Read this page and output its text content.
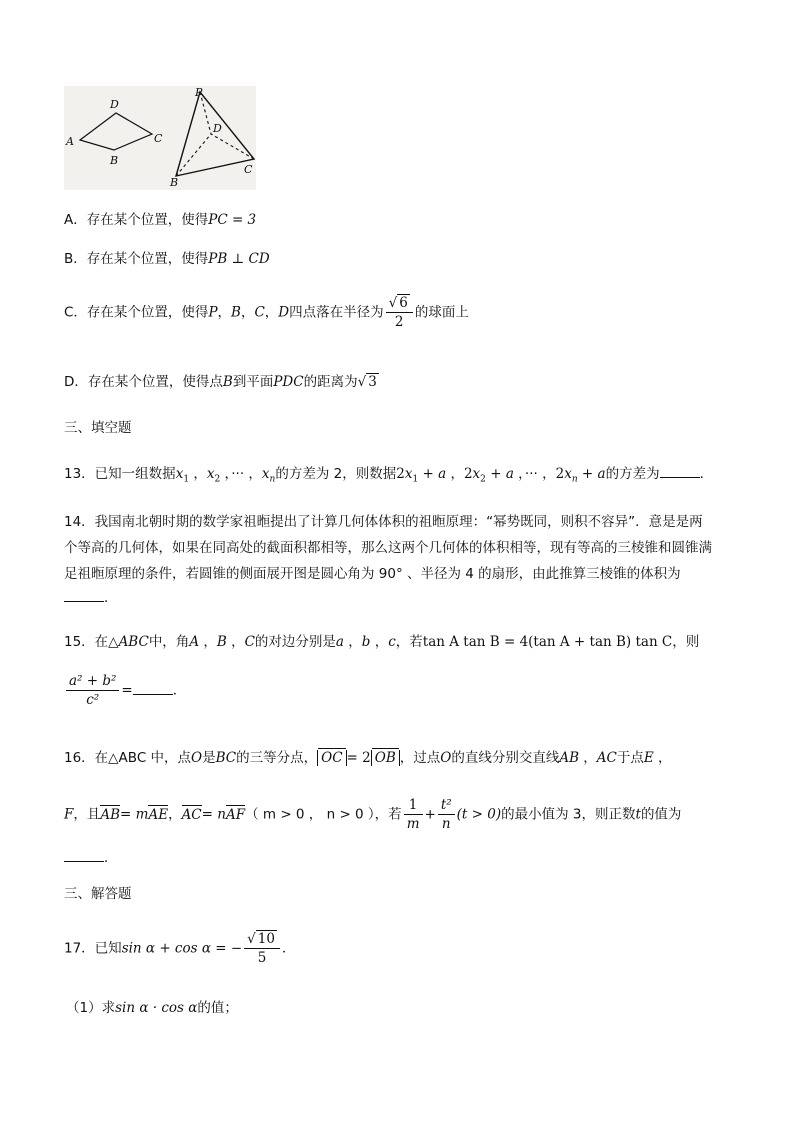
D
A
B
C
P
D
B
C
A．存在某个位置，使得PC = 3
B．存在某个位置，使得PB ⊥ CD
C．存在某个位置，使得P，B，C，D四点落在半径为 $\frac{√ 6}{2}$ 的球面上
D．存在某个位置，使得点B到平面PDC的距离为√ 3
三、填空题
13．已知一组数据$x_1$ ，$x_2$ ，··· ，$x_n$的方差为 2，则数据$2x_1 + a$ ，$2x_2 + a$ ，··· ，$2x_n + a$的方差为	．
14．我国南北朝时期的数学家祖暅提出了计算几何体体积的祖暅原理：“幂势既同，则积不容异”．意是是两
个等高的几何体，如果在同高处的截面积都相等，那么这两个几何体的体积相等，现有等高的三棱锥和圆锥满
足祖暅原理的条件，若圆锥的侧面展开图是圆心角为 90° 、半径为 4 的扇形，由此推算三棱锥的体积为
．
15．在△ABC中，角A ，B ，C的对边分别是a ，b ，c，若tan A tan B = 4(tan A + tan B) tan C，则
$\frac{\text{a² + b²}}{\text{c²}}$ =	．
16．在△ABC 中，点O是BC的三等分点， OC = 2 OB ，过点O的直线分别交直线AB ，AC于点E ，
F，且AB= mAE，AC= nAF（ m > 0 ， n > 0 ），若 $\frac{1}{m} + \frac{\text{t²}}{n} (t > 0)$的最小值为 3，则正数t的值为
．
三、解答题
17．已知sin α + cos α = − $\frac{√ 10}{5}$ ．
（1）求sin α · cos α的值；
